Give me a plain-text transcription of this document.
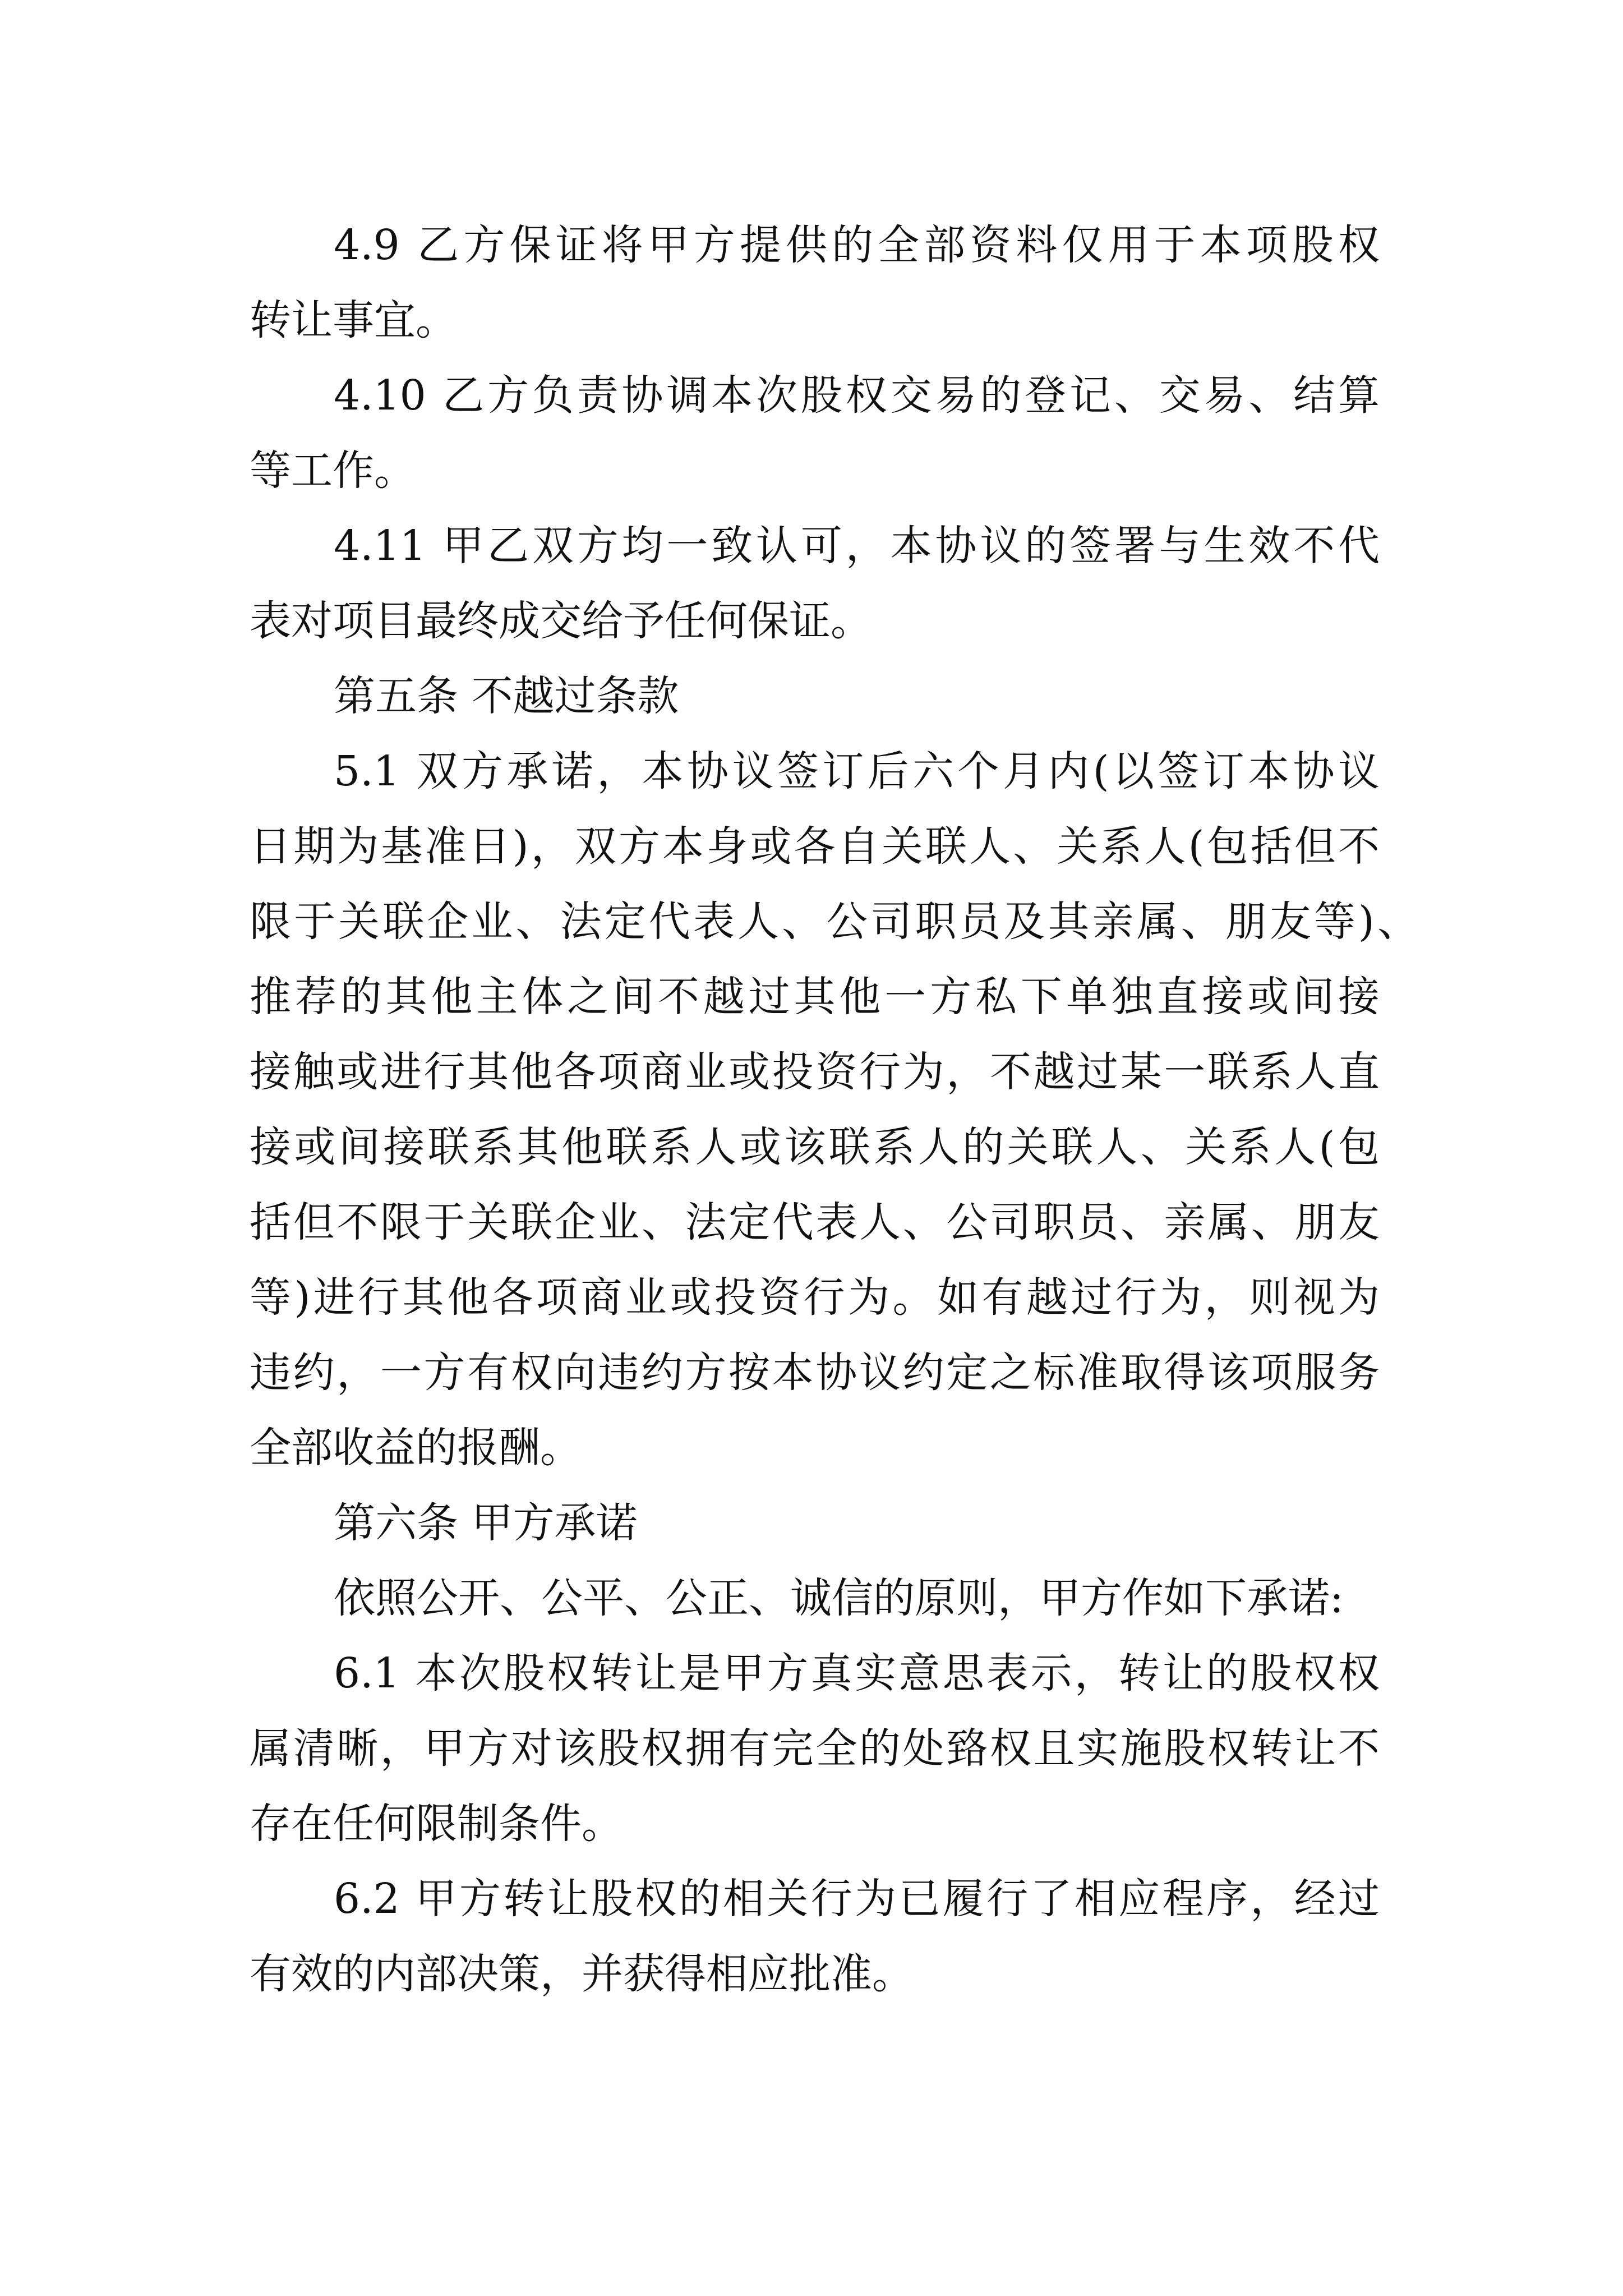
4.9 乙方保证将甲方提供的全部资料仅用于本项股权
转让事宜。
4.10 乙方负责协调本次股权交易的登记、交易、结算
等工作。
4.11 甲乙双方均一致认可，本协议的签署与生效不代
表对项目最终成交给予任何保证。
第五条 不越过条款
5.1 双方承诺，本协议签订后六个月内(以签订本协议
日期为基准日)，双方本身或各自关联人、关系人(包括但不
限于关联企业、法定代表人、公司职员及其亲属、朋友等)、
推荐的其他主体之间不越过其他一方私下单独直接或间接
接触或进行其他各项商业或投资行为，不越过某一联系人直
接或间接联系其他联系人或该联系人的关联人、关系人(包
括但不限于关联企业、法定代表人、公司职员、亲属、朋友
等)进行其他各项商业或投资行为。如有越过行为，则视为
违约，一方有权向违约方按本协议约定之标准取得该项服务
全部收益的报酬。
第六条 甲方承诺
依照公开、公平、公正、诚信的原则，甲方作如下承诺:
6.1 本次股权转让是甲方真实意思表示，转让的股权权
属清晰，甲方对该股权拥有完全的处臵权且实施股权转让不
存在任何限制条件。
6.2 甲方转让股权的相关行为已履行了相应程序，经过
有效的内部决策，并获得相应批准。
